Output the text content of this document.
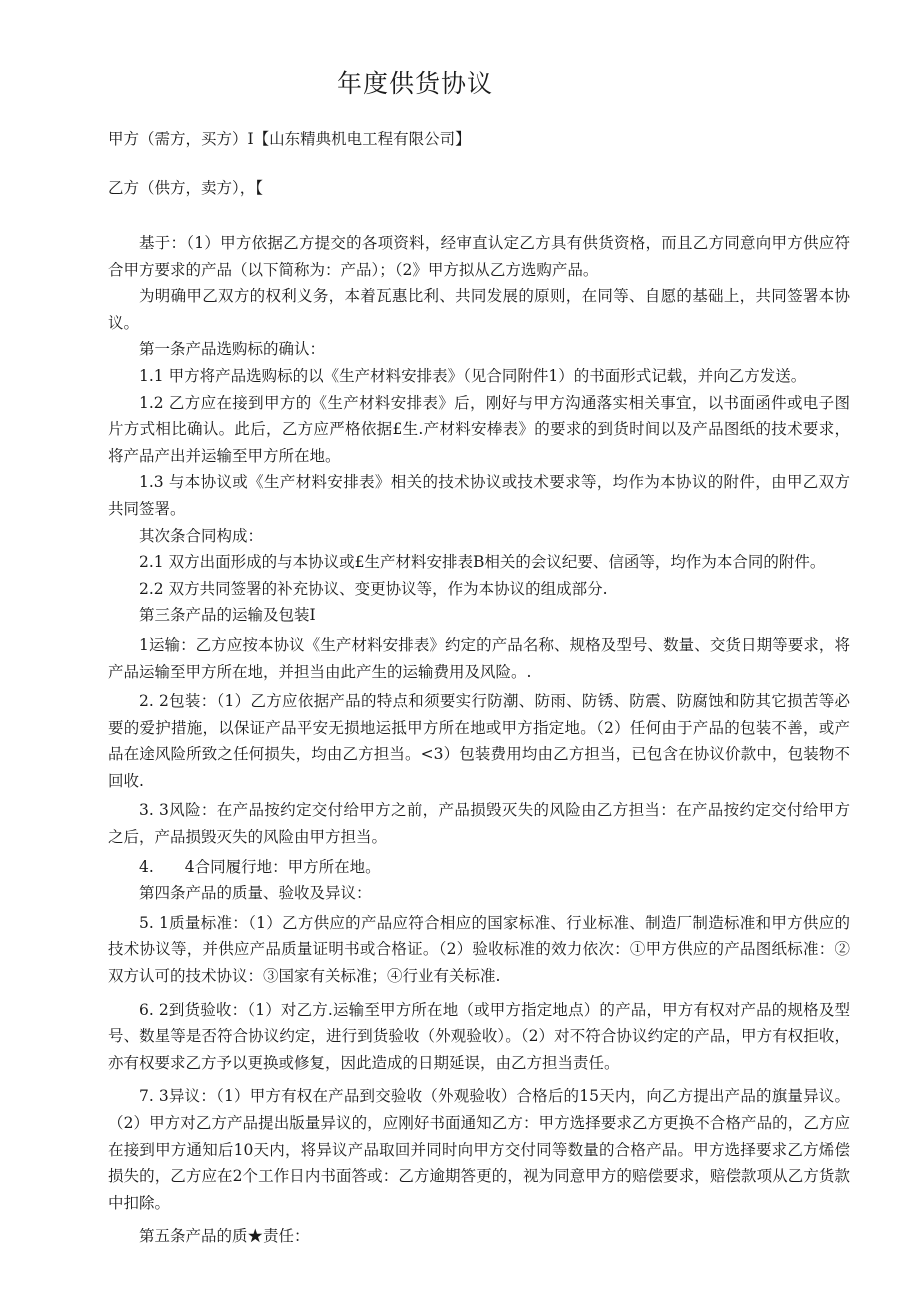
年度供货协议

甲方（需方，买方）I【山东精典机电工程有限公司】

乙方（供方，卖方），【

基于：（1）甲方依据乙方提交的各项资料，经审直认定乙方具有供货资格，而且乙方同意向甲方供应符合甲方要求的产品（以下简称为：产品）；（2》甲方拟从乙方选购产品。

为明确甲乙双方的权利义务，本着瓦惠比利、共同发展的原则，在同等、自愿的基础上，共同签署本协议。

第一条产品选购标的确认：

1.1 甲方将产品选购标的以《生产材料安排表》（见合同附件1）的书面形式记载，并向乙方发送。

1.2 乙方应在接到甲方的《生产材料安排表》后，刚好与甲方沟通落实相关事宜，以书面函件或电子图片方式相比确认。此后，乙方应严格依据£生.产材料安棒表》的要求的到货时间以及产品图纸的技术要求，将产品产出并运输至甲方所在地。

1.3 与本协议或《生产材料安排表》相关的技术协议或技术要求等，均作为本协议的附件，由甲乙双方共同签署。

其次条合同构成：

2.1 双方出面形成的与本协议或£生产材料安排表B相关的会议纪要、信函等，均作为本合同的附件。

2.2 双方共同签署的补充协议、变更协议等，作为本协议的组成部分.

第三条产品的运输及包装I

1运输：乙方应按本协议《生产材料安排表》约定的产品名称、规格及型号、数量、交货日期等要求，将产品运输至甲方所在地，并担当由此产生的运输费用及风险。.

2. 2包装：（1）乙方应依据产品的特点和须要实行防潮、防雨、防锈、防震、防腐蚀和防其它损苦等必要的爱护措施，以保证产品平安无损地运抵甲方所在地或甲方指定地。（2）任何由于产品的包装不善，或产品在途风险所致之任何损失，均由乙方担当。<3）包装费用均由乙方担当，已包含在协议价款中，包装物不回收.

3. 3风险：在产品按约定交付给甲方之前，产品损毁灭失的风险由乙方担当：在产品按约定交付给甲方之后，产品损毁灭失的风险由甲方担当。

4.　　4合同履行地：甲方所在地。

第四条产品的质量、验收及异议：

5. 1质量标准：（1）乙方供应的产品应符合相应的国家标准、行业标准、制造厂制造标准和甲方供应的技术协议等，并供应产品质量证明书或合格证。（2）验收标准的效力依次：①甲方供应的产品图纸标准：②双方认可的技术协议：③国家有关标准；④行业有关标准.

6. 2到货验收：（1）对乙方.运输至甲方所在地（或甲方指定地点）的产品，甲方有权对产品的规格及型号、数星等是否符合协议约定，进行到货验收（外观验收）。（2）对不符合协议约定的产品，甲方有权拒收，亦有权要求乙方予以更换或修复，因此造成的日期延误，由乙方担当责任。

7. 3异议：（1）甲方有权在产品到交验收（外观验收）合格后的15天内，向乙方提出产品的旗量异议。（2）甲方对乙方产品提出版量异议的，应刚好书面通知乙方：甲方选择要求乙方更换不合格产品的，乙方应在接到甲方通知后10天内，将异议产品取回并同时向甲方交付同等数量的合格产品。甲方选择要求乙方烯偿损失的，乙方应在2个工作日内书面答或：乙方逾期答更的，视为同意甲方的赔偿要求，赔偿款项从乙方货款中扣除。

第五条产品的质★责任：
